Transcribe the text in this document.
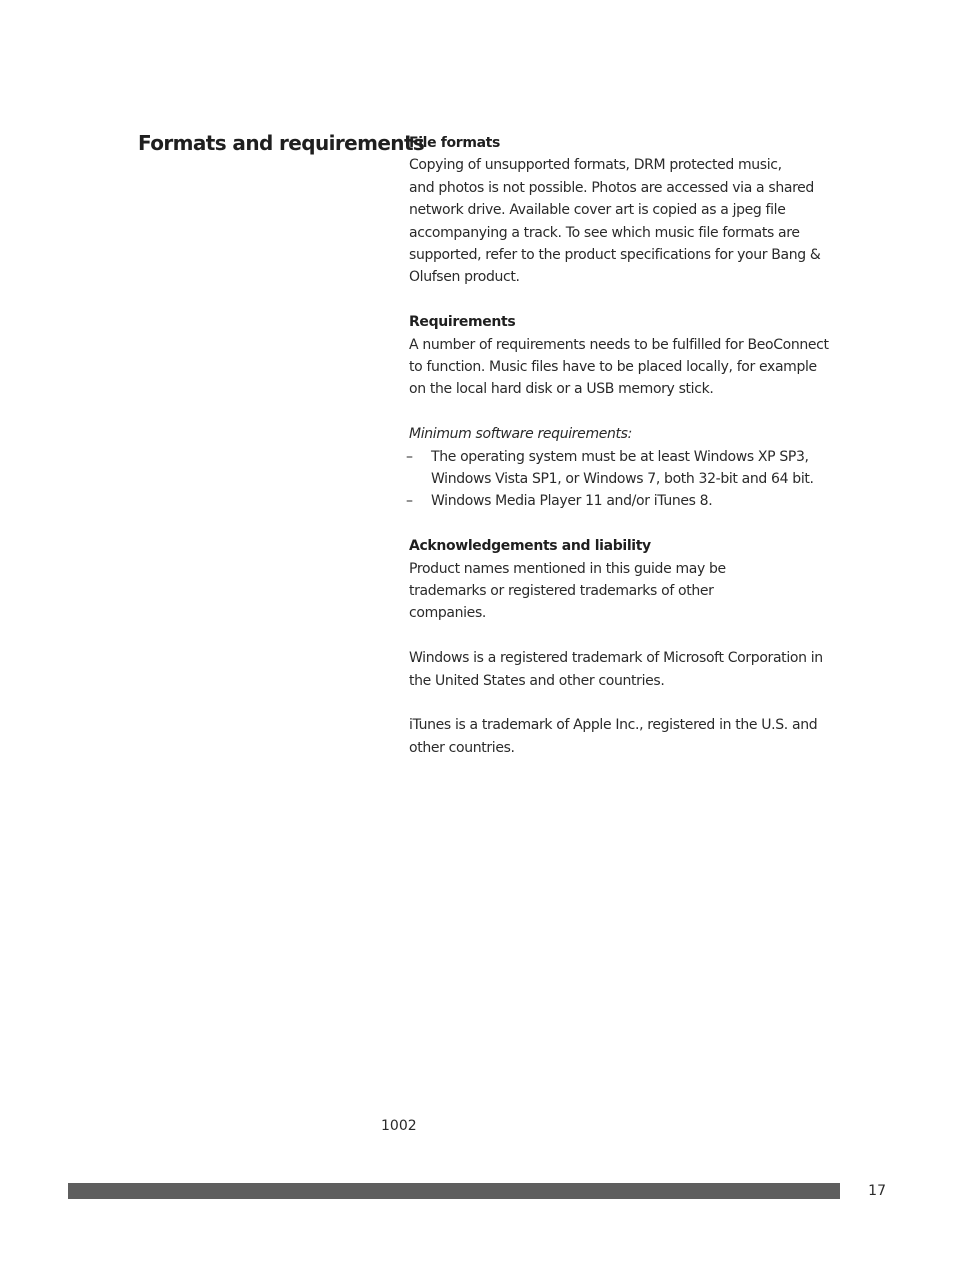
Formats and requirements

File formats

Copying of unsupported formats, DRM protected music,
and photos is not possible. Photos are accessed via a shared
network drive. Available cover art is copied as a jpeg file
accompanying a track. To see which music file formats are
supported, refer to the product specifications for your Bang &
Olufsen product.

Requirements

A number of requirements needs to be fulfilled for BeoConnect
to function. Music files have to be placed locally, for example
on the local hard disk or a USB memory stick.

Minimum software requirements:

– The operating system must be at least Windows XP SP3,
Windows Vista SP1, or Windows 7, both 32-bit and 64 bit.
– Windows Media Player 11 and/or iTunes 8.

Acknowledgements and liability

Product names mentioned in this guide may be
trademarks or registered trademarks of other
companies.

Windows is a registered trademark of Microsoft Corporation in
the United States and other countries.

iTunes is a trademark of Apple Inc., registered in the U.S. and
other countries.

1002
17
